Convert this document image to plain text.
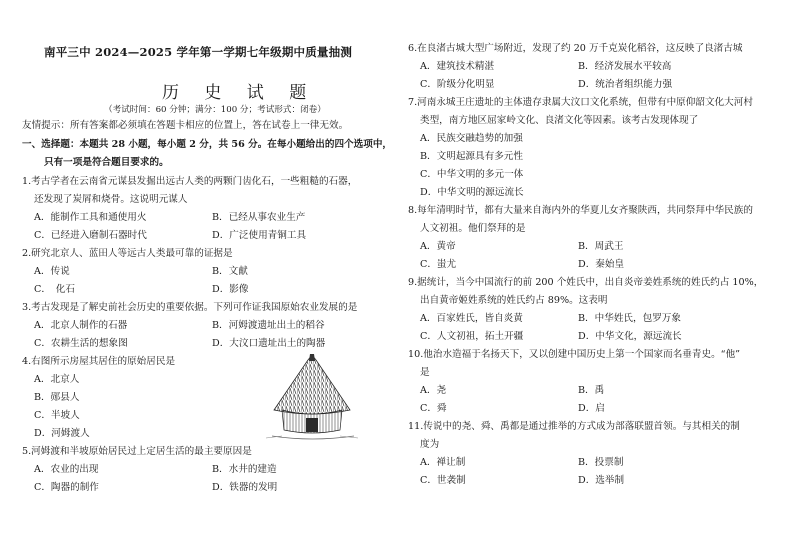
南平三中 2024—2025 学年第一学期七年级期中质量抽测
历 史 试 题
（考试时间：60 分钟；满分：100 分；考试形式：闭卷）
友情提示：所有答案都必须填在答题卡相应的位置上，答在试卷上一律无效。
一、选择题：本题共 28 小题，每小题 2 分，共 56 分。在每小题给出的四个选项中，
只有一项是符合题目要求的。
1.考古学者在云南省元谋县发掘出远古人类的两颗门齿化石，一些粗糙的石器，
还发现了炭屑和烧骨。这说明元谋人
A．能制作工具和通使用火	B．已经从事农业生产
C．已经进入磨制石器时代	D．广泛使用青铜工具
2.研究北京人、蓝田人等远古人类最可靠的证据是
A．传说	B．文献
C．　化石	D．影像
3.考古发现是了解史前社会历史的重要依据。下列可作证我国原始农业发展的是
A．北京人制作的石器	B．河姆渡遗址出土的稻谷
C．农耕生活的想象图	D．大汶口遗址出土的陶器
4.右图所示房屋其居住的原始居民是
A．北京人
B．郧县人
C．半坡人
D．河姆渡人
5.河姆渡和半坡原始居民过上定居生活的最主要原因是
A．农业的出现	B．水井的建造
C．陶器的制作	D．铁器的发明
6.在良渚古城大型广场附近，发现了约 20 万千克炭化稻谷，这反映了良渚古城
A．建筑技术精湛	B．经济发展水平较高
C．阶级分化明显	D．统治者组织能力强
7.河南永城王庄遗址的主体遗存隶属大汶口文化系统，但带有中原仰韶文化大河村
类型，南方地区屈家岭文化、良渚文化等因素。该考古发现体现了
A．民族交融趋势的加强
B．文明起源具有多元性
C．中华文明的多元一体
D．中华文明的源远流长
8.每年清明时节，都有大量来自海内外的华夏儿女齐聚陕西，共同祭拜中华民族的
人文初祖。他们祭拜的是
A．黄帝	B．周武王
C．蚩尤	D．秦始皇
9.据统计，当今中国流行的前 200 个姓氏中，出自炎帝姜姓系统的姓氏约占 10%，
出自黄帝姬姓系统的姓氏约占 89%。这表明
A．百家姓氏，皆自炎黄	B．中华姓氏，包罗万象
C．人文初祖，拓土开疆	D．中华文化，源远流长
10.他治水造福于名扬天下，又以创建中国历史上第一个国家而名垂青史。“他”
是
A．尧	B．禹
C．舜	D．启
11.传说中的尧、舜、禹都是通过推举的方式成为部落联盟首领。与其相关的制
度为
A．禅让制	B．投票制
C．世袭制	D．选举制
